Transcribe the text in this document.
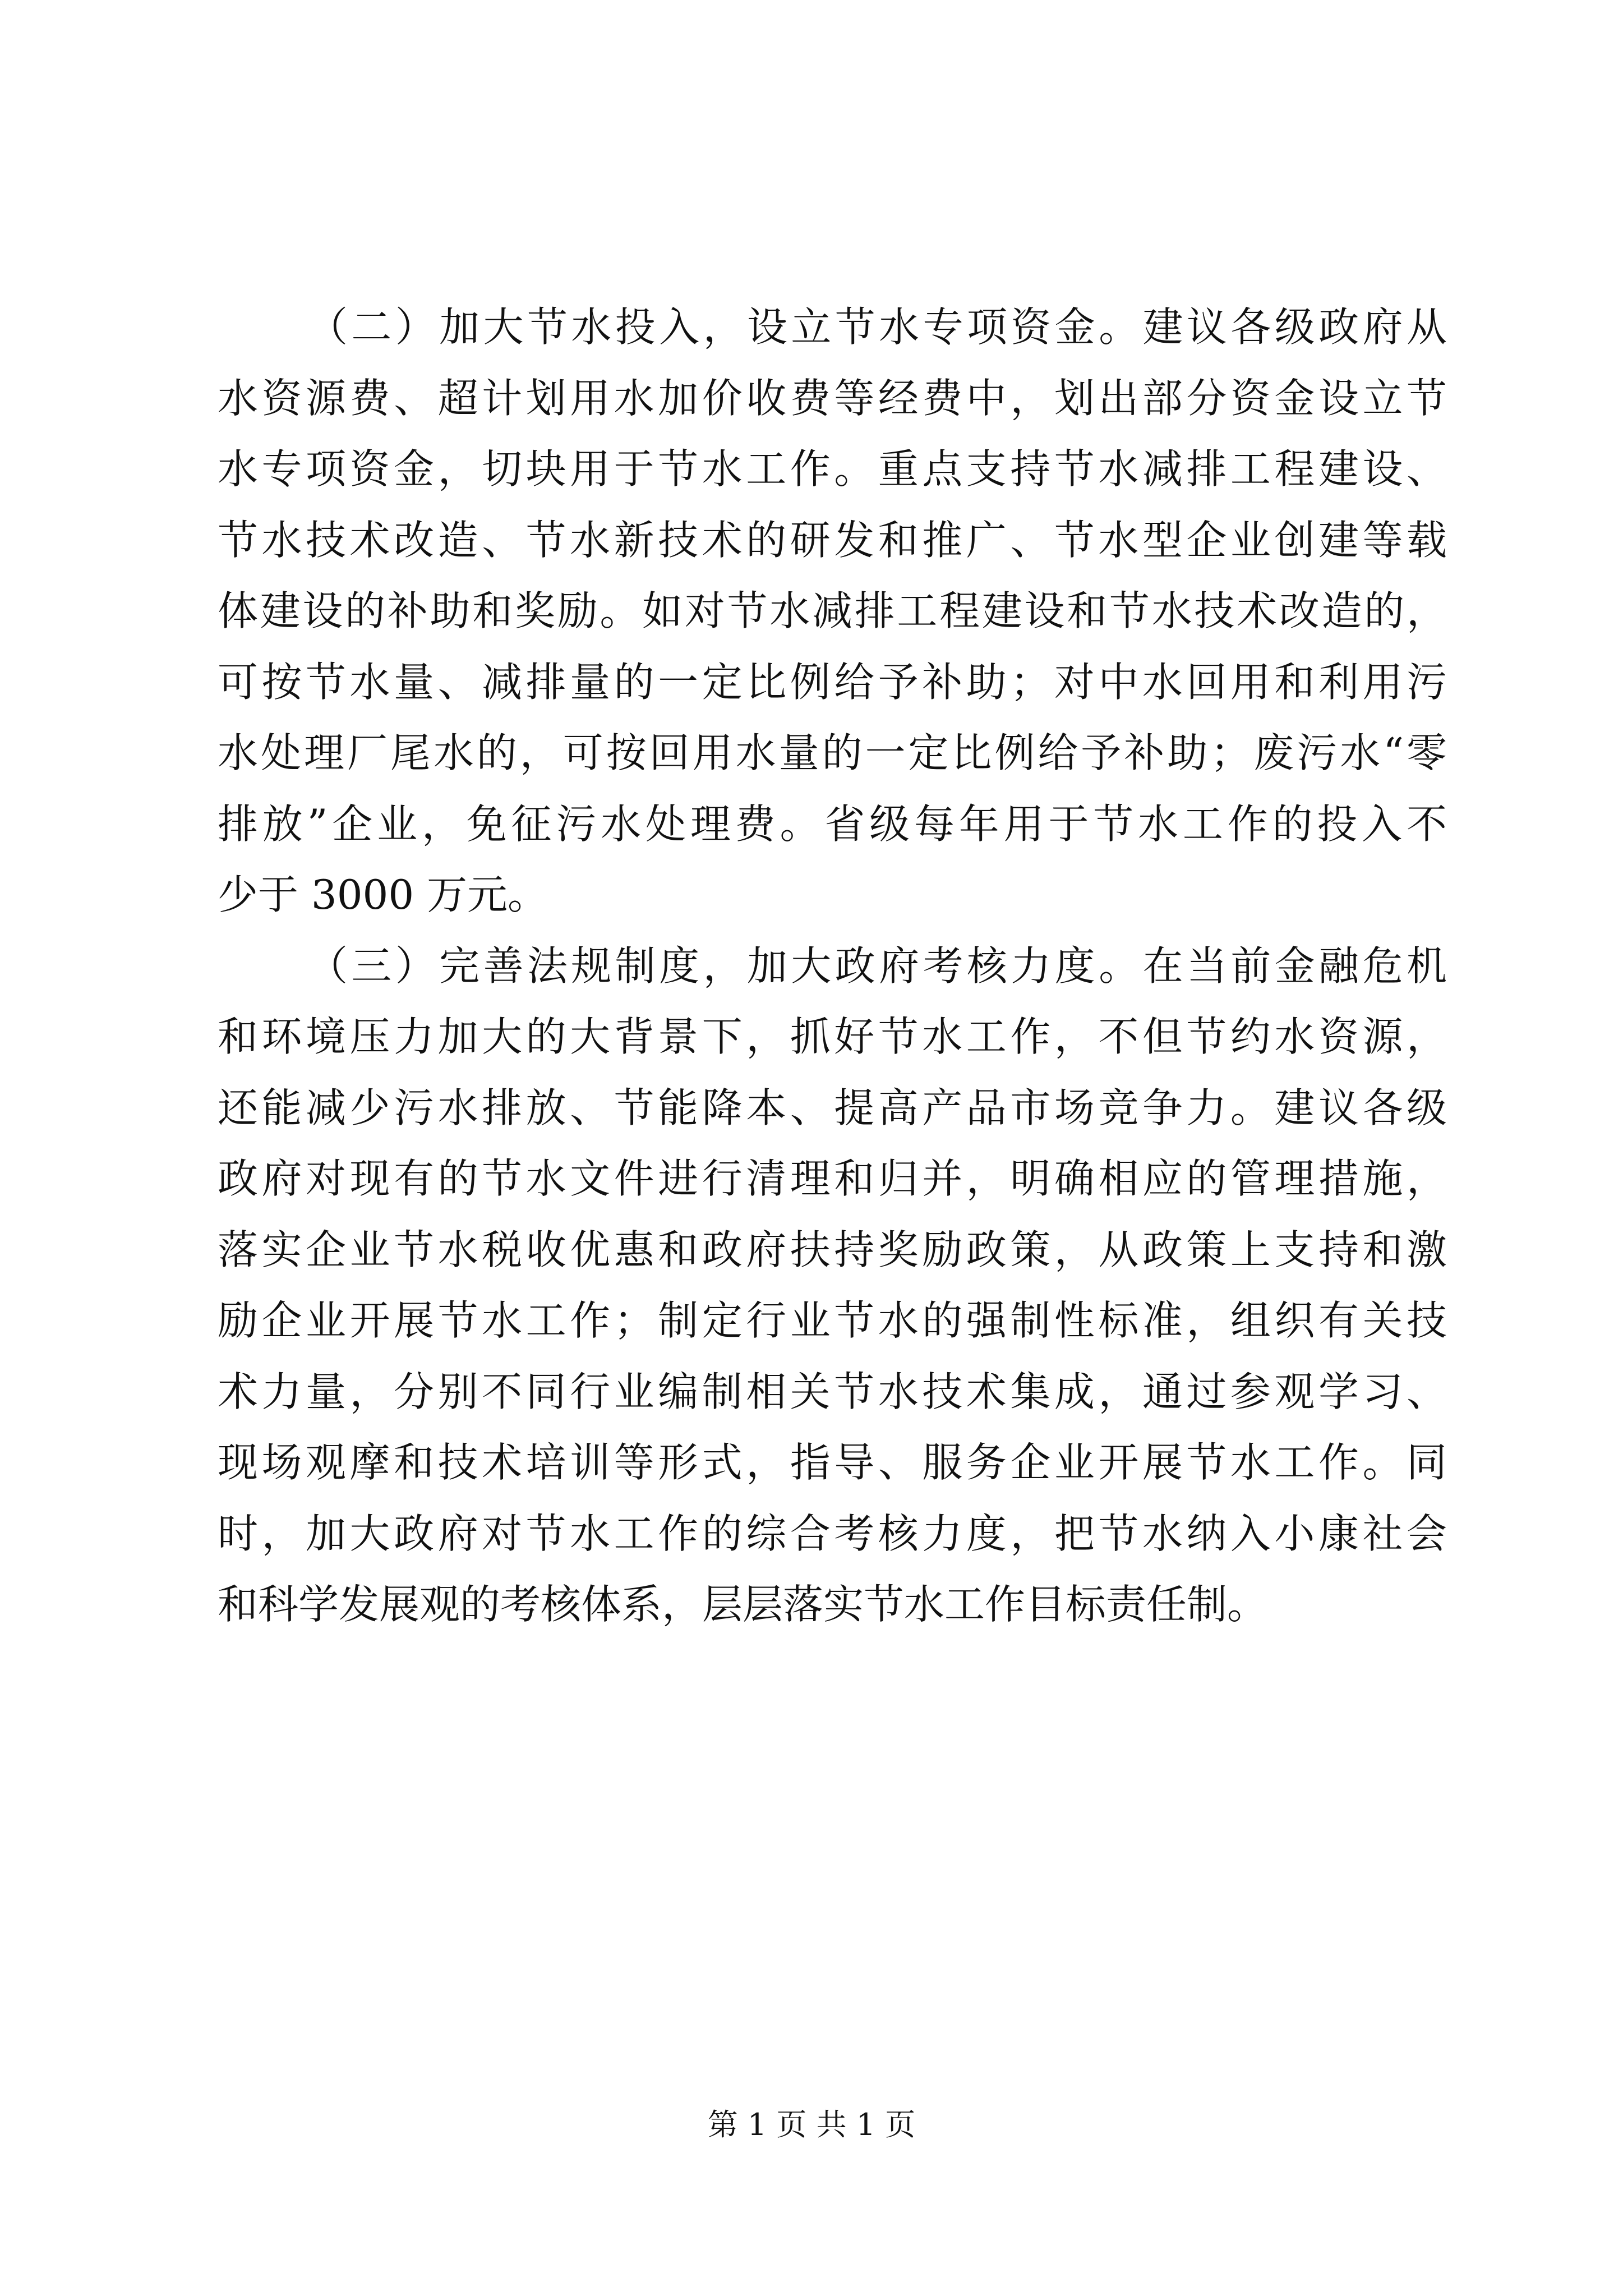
（二）加大节水投入，设立节水专项资金。建议各级政府从
水资源费、超计划用水加价收费等经费中，划出部分资金设立节
水专项资金，切块用于节水工作。重点支持节水减排工程建设、
节水技术改造、节水新技术的研发和推广、节水型企业创建等载
体建设的补助和奖励。如对节水减排工程建设和节水技术改造的，
可按节水量、减排量的一定比例给予补助；对中水回用和利用污
水处理厂尾水的，可按回用水量的一定比例给予补助；废污水“零
排放”企业，免征污水处理费。省级每年用于节水工作的投入不
少于 3000 万元。
（三）完善法规制度，加大政府考核力度。在当前金融危机
和环境压力加大的大背景下，抓好节水工作，不但节约水资源，
还能减少污水排放、节能降本、提高产品市场竞争力。建议各级
政府对现有的节水文件进行清理和归并，明确相应的管理措施，
落实企业节水税收优惠和政府扶持奖励政策，从政策上支持和激
励企业开展节水工作；制定行业节水的强制性标准，组织有关技
术力量，分别不同行业编制相关节水技术集成，通过参观学习、
现场观摩和技术培训等形式，指导、服务企业开展节水工作。同
时，加大政府对节水工作的综合考核力度，把节水纳入小康社会
和科学发展观的考核体系，层层落实节水工作目标责任制。
第 1 页 共 1 页
